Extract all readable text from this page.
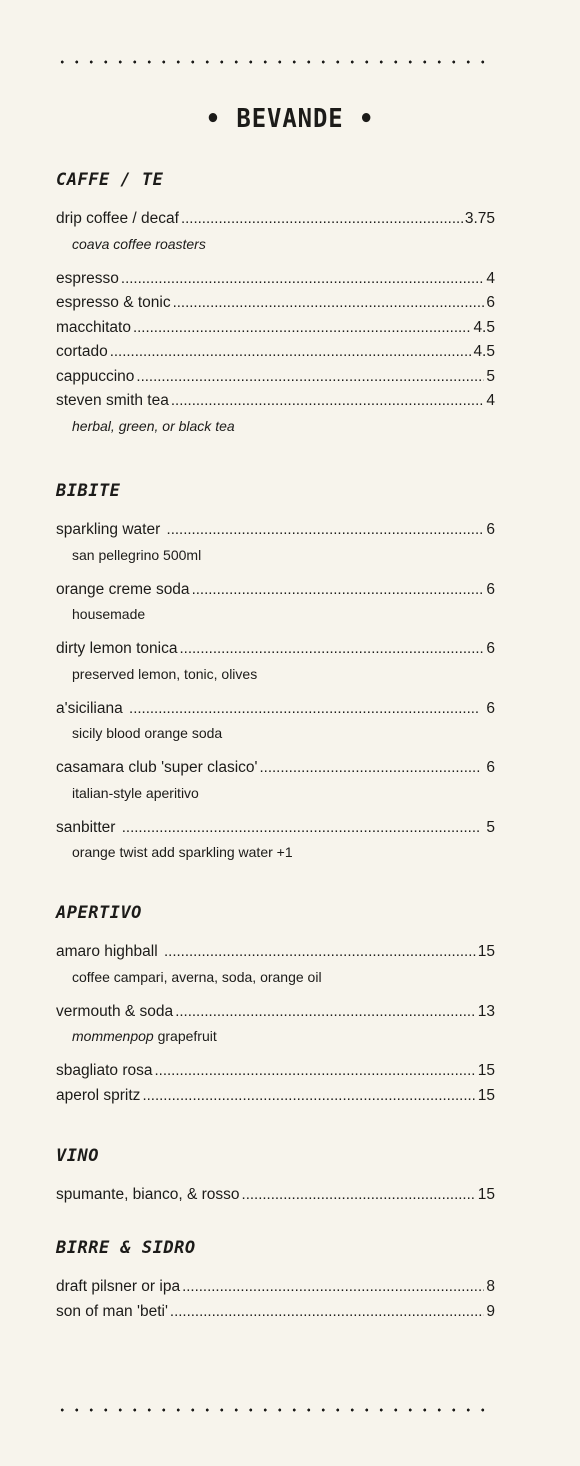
• BEVANDE •
CAFFE / TE
drip coffee / decaf .....	3.75
coava coffee roasters
espresso .....	4
espresso & tonic .....	6
macchitato .....	4.5
cortado .....	4.5
cappuccino .....	5
steven smith tea .....	4
herbal, green, or black tea
BIBITE
sparkling water .....	6
san pellegrino 500ml
orange creme soda .....	6
housemade
dirty lemon tonica .....	6
preserved lemon, tonic, olives
a'siciliana .....	6
sicily blood orange soda
casamara club 'super clasico' .....	6
italian-style aperitivo
sanbitter .....	5
orange twist add sparkling water +1
APERTIVO
amaro highball .....	15
coffee campari, averna, soda, orange oil
vermouth & soda .....	13
mommenpop grapefruit
sbagliato rosa .....	15
aperol spritz .....	15
VINO
spumante, bianco, & rosso .....	15
BIRRE & SIDRO
draft pilsner or ipa .....	8
son of man 'beti' .....	9
